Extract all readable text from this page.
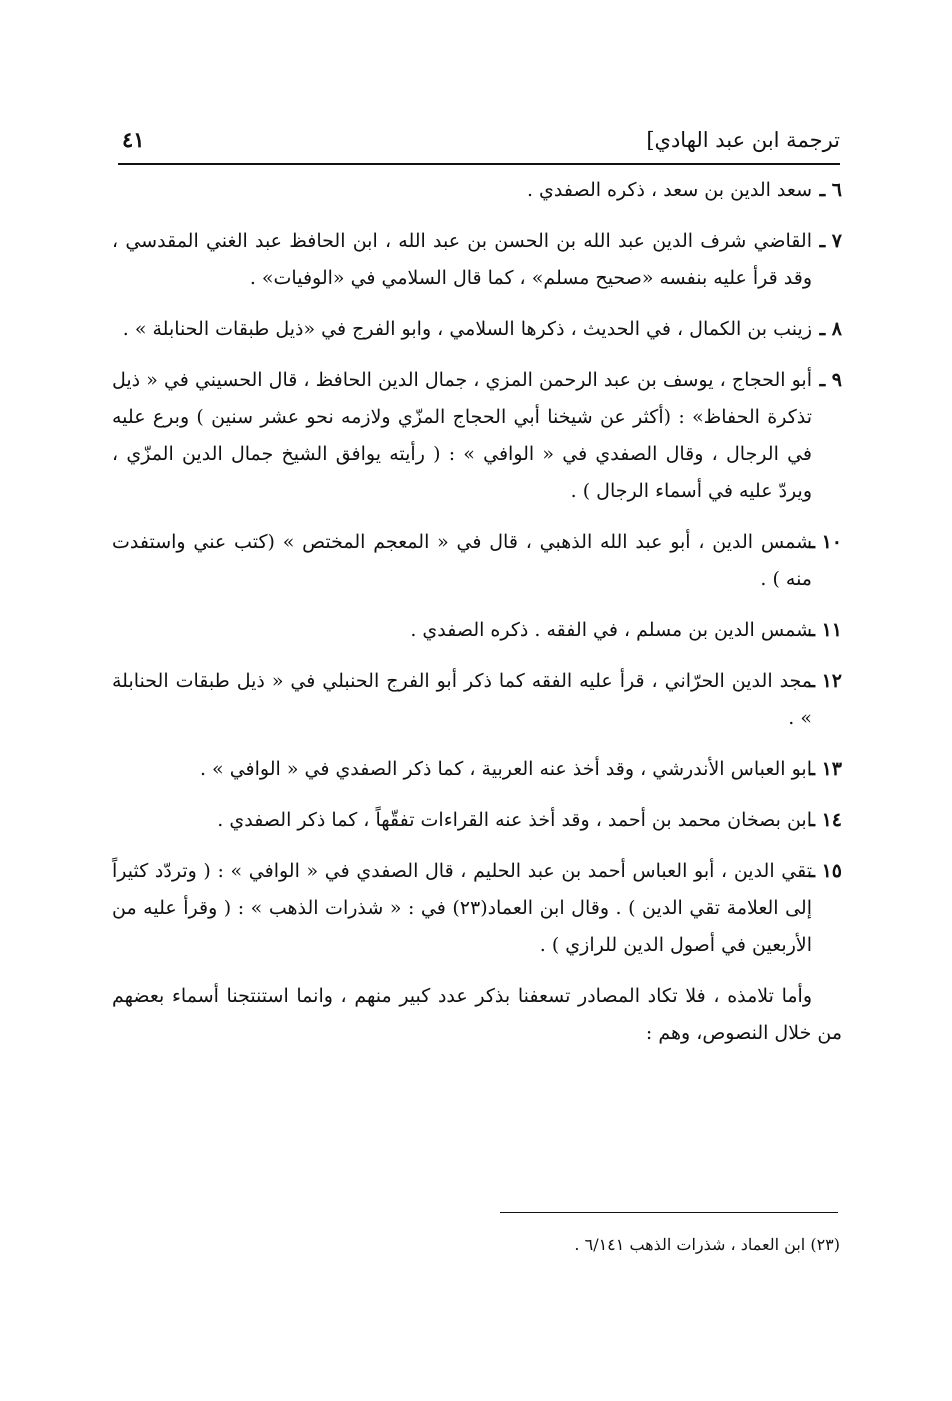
ترجمة ابن عبد الهادي]
٤١
٦ ـ
سعد الدين بن سعد ، ذكره الصفدي .
٧ ـ
القاضي شرف الدين عبد الله بن الحسن بن عبد الله ، ابن الحافظ عبد الغني المقدسي ، وقد قرأ عليه بنفسه «صحيح مسلم» ، كما قال السلامي في «الوفيات» .
٨ ـ
زينب بن الكمال ، في الحديث ، ذكرها السلامي ، وابو الفرج في «ذيل طبقات الحنابلة » .
٩ ـ
أبو الحجاج ، يوسف بن عبد الرحمن المزي ، جمال الدين الحافظ ، قال الحسيني في « ذيل تذكرة الحفاظ» : (أكثر عن شيخنا أبي الحجاج المزّي ولازمه نحو عشر سنين ) وبرع عليه في الرجال ، وقال الصفدي في « الوافي » : ( رأيته يوافق الشيخ جمال الدين المزّي ، ويردّ عليه في أسماء الرجال ) .
١٠ ـ
شمس الدين ، أبو عبد الله الذهبي ، قال في « المعجم المختص » (كتب عني واستفدت منه ) .
١١ ـ
شمس الدين بن مسلم ، في الفقه . ذكره الصفدي .
١٢ ـ
مجد الدين الحرّاني ، قرأ عليه الفقه كما ذكر أبو الفرج الحنبلي في « ذيل طبقات الحنابلة » .
١٣ ـ
ابو العباس الأندرشي ، وقد أخذ عنه العربية ، كما ذكر الصفدي في « الوافي » .
١٤ ـ
ابن بصخان محمد بن أحمد ، وقد أخذ عنه القراءات تفقّهاً ، كما ذكر الصفدي .
١٥ ـ
تقي الدين ، أبو العباس أحمد بن عبد الحليم ، قال الصفدي في « الوافي » : ( وتردّد كثيراً إلى العلامة تقي الدين ) . وقال ابن العماد(٢٣) في : « شذرات الذهب » : ( وقرأ عليه من الأربعين في أصول الدين للرازي ) .

وأما تلامذه ، فلا تكاد المصادر تسعفنا بذكر عدد كبير منهم ، وانما استنتجنا أسماء بعضهم من خلال النصوص، وهم :

(٢٣) ابن العماد ، شذرات الذهب ٦/١٤١ .
